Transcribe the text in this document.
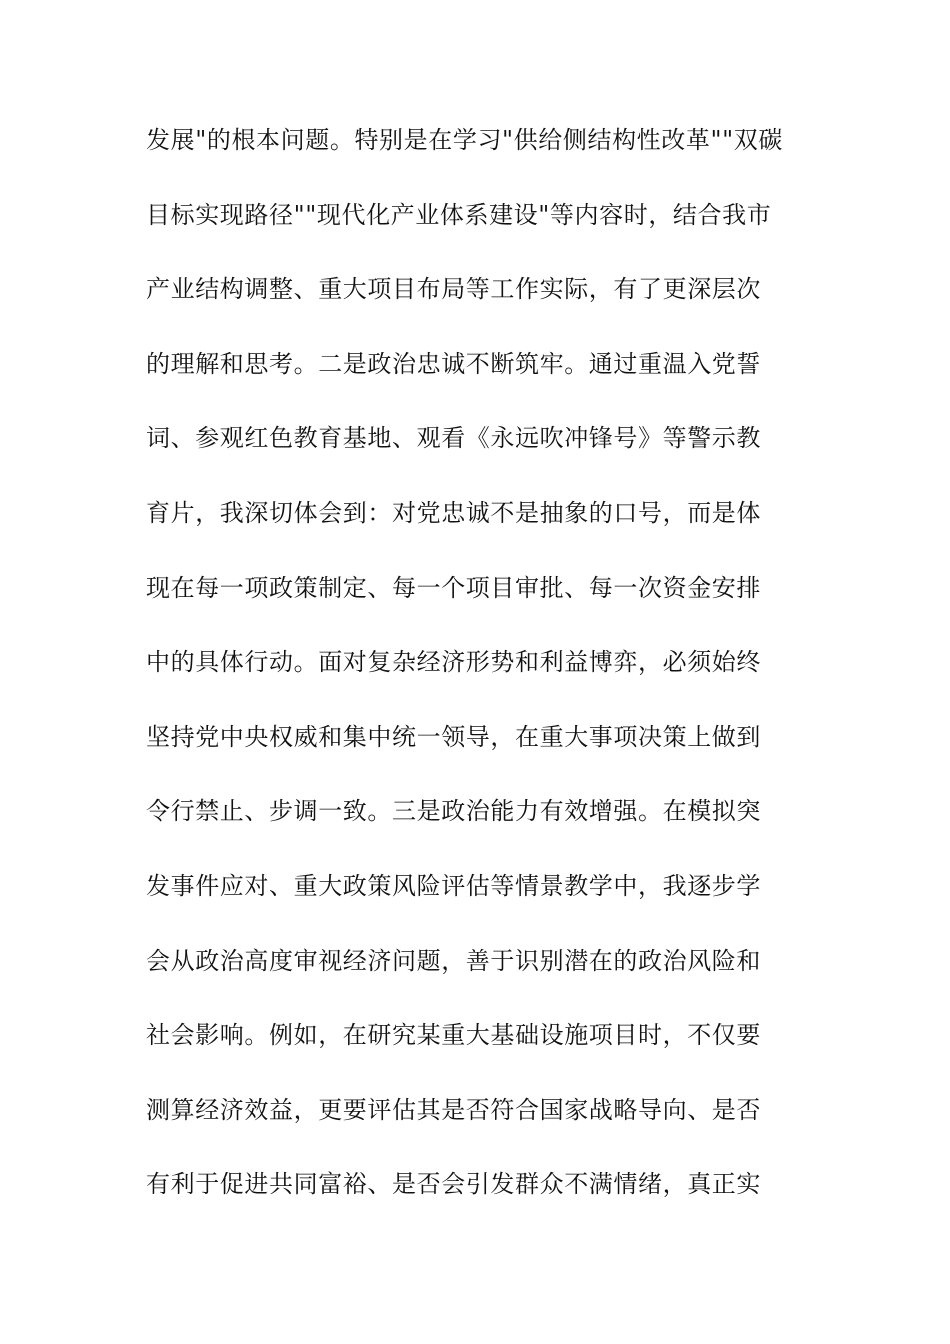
发展"的根本问题。特别是在学习"供给侧结构性改革""双碳
目标实现路径""现代化产业体系建设"等内容时，结合我市
产业结构调整、重大项目布局等工作实际，有了更深层次
的理解和思考。二是政治忠诚不断筑牢。通过重温入党誓
词、参观红色教育基地、观看《永远吹冲锋号》等警示教
育片，我深切体会到：对党忠诚不是抽象的口号，而是体
现在每一项政策制定、每一个项目审批、每一次资金安排
中的具体行动。面对复杂经济形势和利益博弈，必须始终
坚持党中央权威和集中统一领导，在重大事项决策上做到
令行禁止、步调一致。三是政治能力有效增强。在模拟突
发事件应对、重大政策风险评估等情景教学中，我逐步学
会从政治高度审视经济问题，善于识别潜在的政治风险和
社会影响。例如，在研究某重大基础设施项目时，不仅要
测算经济效益，更要评估其是否符合国家战略导向、是否
有利于促进共同富裕、是否会引发群众不满情绪，真正实
